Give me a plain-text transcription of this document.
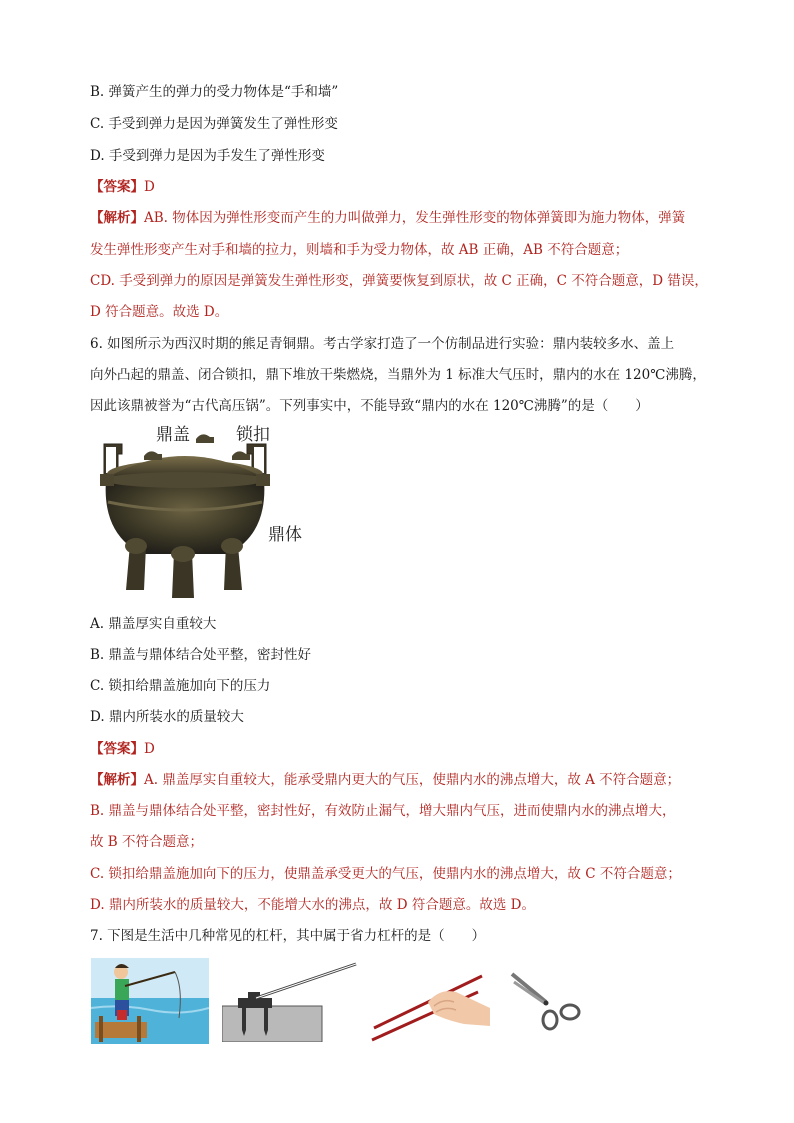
B. 弹簧产生的弹力的受力物体是“手和墙”
C. 手受到弹力是因为弹簧发生了弹性形变
D. 手受到弹力是因为手发生了弹性形变
【答案】D
【解析】AB. 物体因为弹性形变而产生的力叫做弹力，发生弹性形变的物体弹簧即为施力物体，弹簧
发生弹性形变产生对手和墙的拉力，则墙和手为受力物体，故 AB 正确，AB 不符合题意；
CD. 手受到弹力的原因是弹簧发生弹性形变，弹簧要恢复到原状，故 C 正确，C 不符合题意，D 错误，
D 符合题意。故选 D。
6. 如图所示为西汉时期的熊足青铜鼎。考古学家打造了一个仿制品进行实验：鼎内装较多水、盖上
向外凸起的鼎盖、闭合锁扣，鼎下堆放干柴燃烧，当鼎外为 1 标准大气压时，鼎内的水在 120℃沸腾，
因此该鼎被誉为“古代高压锅”。下列事实中，不能导致“鼎内的水在 120℃沸腾”的是（　　）
鼎盖	锁扣
鼎体
A. 鼎盖厚实自重较大
B. 鼎盖与鼎体结合处平整，密封性好
C. 锁扣给鼎盖施加向下的压力
D. 鼎内所装水的质量较大
【答案】D
【解析】A. 鼎盖厚实自重较大，能承受鼎内更大的气压，使鼎内水的沸点增大，故 A 不符合题意；
B. 鼎盖与鼎体结合处平整，密封性好，有效防止漏气，增大鼎内气压，进而使鼎内水的沸点增大，
故 B 不符合题意；
C. 锁扣给鼎盖施加向下的压力，使鼎盖承受更大的气压，使鼎内水的沸点增大，故 C 不符合题意；
D. 鼎内所装水的质量较大，不能增大水的沸点，故 D 符合题意。故选 D。
7. 下图是生活中几种常见的杠杆，其中属于省力杠杆的是（　　）
